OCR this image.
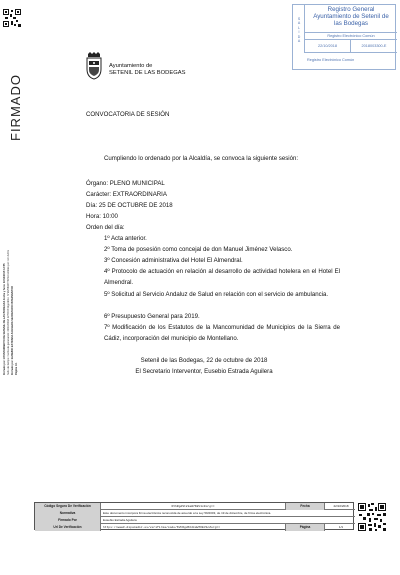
FIRMADO
Firmado por: AYUNTAMIENTO DE SETENIL DE LAS BODEGAS Fecha y hora: 22/10/2018 12:55 Sello de tiempo: Fecha de generación: 22/10/2018 12:55:09 Algoritmo: SHA256WITHRSA Emitido por: EC-SAFE Firmado por: EUSEBIO ESTRADA AGUILERA SECRETARIO INTERVENTOR Página 1/1
S
A
L
I
D
A
Registro General
Ayuntamiento de Setenil de
las Bodegas
Registro Electrónico Común
22/10/2018	2018003300-E
Registro Electrónico Común
Ayuntamiento de
SETENIL DE LAS BODEGAS
CONVOCATORIA DE SESIÓN
Cumpliendo lo ordenado por la Alcaldía, se convoca la siguiente sesión:
Órgano: PLENO MUNICIPAL
Carácter: EXTRAORDINARIA
Día: 25 DE OCTUBRE DE 2018
Hora: 10:00
Orden del día:
1º Acta anterior.
2º Toma de posesión como concejal de don Manuel Jiménez Velasco.
3º Concesión administrativa del Hotel El Almendral.
4º Protocolo de actuación en relación al desarrollo de actividad hotelera en el Hotel El Almendral.
5º Solicitud al Servicio Andaluz de Salud en relación con el servicio de ambulancia.
6º Presupuesto General para 2019.
7º Modificación de los Estatutos de la Mancomunidad de Municipios de la Sierra de Cádiz, incorporación del municipio de Montellano.
Setenil de las Bodegas, 22 de octubre de 2018
El Secretario Interventor, Eusebio Estrada Aguilera
Código Seguro De Verificación	6VhRgdSt2kaW7KEV1cZorg==	Fecha	22/10/2018
Normativa	Este documento incorpora firma electrónica reconocida de acuerdo a la Ley 59/2003, de 19 de diciembre, de firma electrónica.
Firmado Por	Eusebio Estrada Aguilera
Url De Verificación	https://www3.dipucadiz.es/verifirma/code/6VhRgdSt2kaW7KEV1cZorg==	Página	1/1
